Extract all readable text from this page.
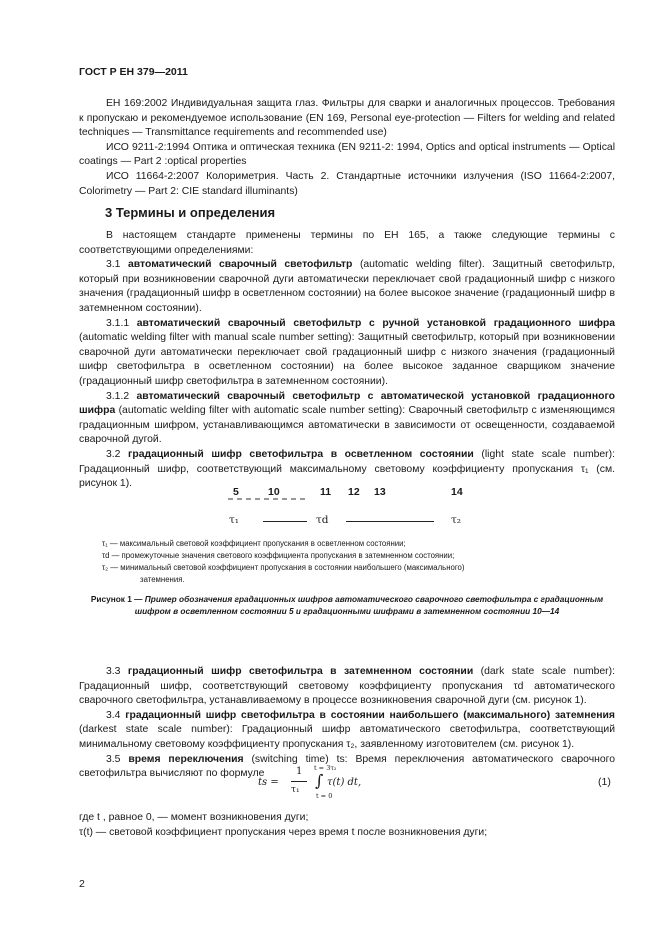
ГОСТ Р ЕН 379—2011

ЕН 169:2002 Индивидуальная защита глаз. Фильтры для сварки и аналогичных процессов. Требования к пропускаю и рекомендуемое использование (EN 169, Personal eye-protection — Filters for welding and related techniques — Transmittance requirements and recommended use)

ИСО 9211-2:1994 Оптика и оптическая техника (EN 9211-2: 1994, Optics and optical instruments — Optical coatings — Part 2 :optical properties

ИСО 11664-2:2007 Колориметрия. Часть 2. Стандартные источники излучения (ISO 11664-2:2007, Colorimetry — Part 2: CIE standard illuminants)

3 Термины и определения

В настоящем стандарте применены термины по ЕН 165, а также следующие термины с соответствующими определениями:

3.1 автоматический сварочный светофильтр (automatic welding filter). Защитный светофильтр, который при возникновении сварочной дуги автоматически переключает свой градационный шифр с низкого значения (градационный шифр в осветленном состоянии) на более высокое значение (градационный шифр в затемненном состоянии).

3.1.1 автоматический сварочный светофильтр с ручной установкой градационного шифра (automatic welding filter with manual scale number setting): Защитный светофильтр, который при возникновении сварочной дуги автоматически переключает свой градационный шифр с низкого значения (градационный шифр светофильтра в осветленном состоянии) на более высокое заданное сварщиком значение (градационный шифр светофильтра в затемненном состоянии).

3.1.2 автоматический сварочный светофильтр с автоматической установкой градационного шифра (automatic welding filter with automatic scale number setting): Сварочный светофильтр с изменяющимся градационным шифром, устанавливающимся автоматически в зависимости от освещенности, создаваемой сварочной дугой.

3.2 градационный шифр светофильтра в осветленном состоянии (light state scale number): Градационный шифр, соответствующий максимальному световому коэффициенту пропускания τ₁ (см. рисунок 1).

5	10	11 12 13	14
τ₁	τd	τ₂
τ₁ — максимальный световой коэффициент пропускания в осветленном состоянии;
τd — промежуточные значения светового коэффициента пропускания в затемненном состоянии;
τ₂ — минимальный световой коэффициент пропускания в состоянии наибольшего (максимального)
затемнения.
Рисунок 1 — Пример обозначения градационных шифров автоматического сварочного светофильтра с градационным шифром в осветленном состоянии 5 и градационными шифрами в затемненном состоянии 10—14

3.3 градационный шифр светофильтра в затемненном состоянии (dark state scale number): Градационный шифр, соответствующий световому коэффициенту пропускания τd автоматического сварочного светофильтра, устанавливаемому в процессе возникновения сварочной дуги (см. рисунок 1).

3.4 градационный шифр светофильтра в состоянии наибольшего (максимального) затемнения (darkest state scale number): Градационный шифр автоматического светофильтра, соответствующий минимальному световому коэффициенту пропускания τ₂, заявленному изготовителем (см. рисунок 1).

3.5 время переключения (switching time) ts: Время переключения автоматического сварочного светофильтра вычисляют по формуле

ts =
1
τ₁
t = 3τ₂
∫
t = 0
τ(t) dt,	(1)

где t , равное 0, — момент возникновения дуги;

τ(t) — световой коэффициент пропускания через время t после возникновения дуги;

2
